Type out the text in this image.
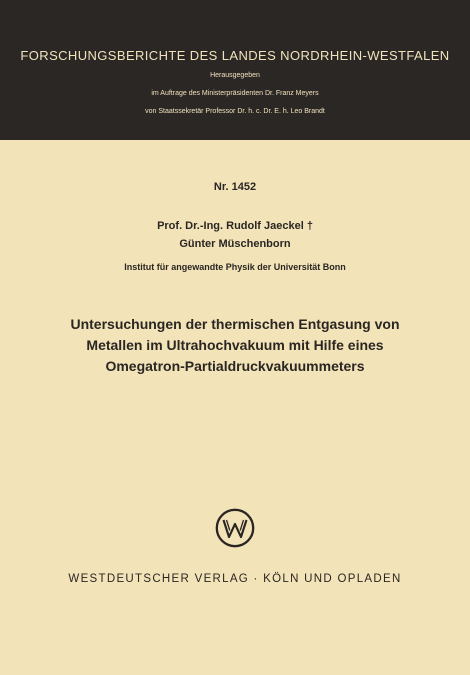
FORSCHUNGSBERICHTE DES LANDES NORDRHEIN-WESTFALEN
Herausgegeben
im Auftrage des Ministerpräsidenten Dr. Franz Meyers
von Staatssekretär Professor Dr. h. c. Dr. E. h. Leo Brandt
Nr. 1452
Prof. Dr.-Ing. Rudolf Jaeckel †
Günter Müschenborn
Institut für angewandte Physik der Universität Bonn
Untersuchungen der thermischen Entgasung von
Metallen im Ultrahochvakuum mit Hilfe eines
Omegatron-Partialdruckvakuummeters
WESTDEUTSCHER VERLAG · KÖLN UND OPLADEN
